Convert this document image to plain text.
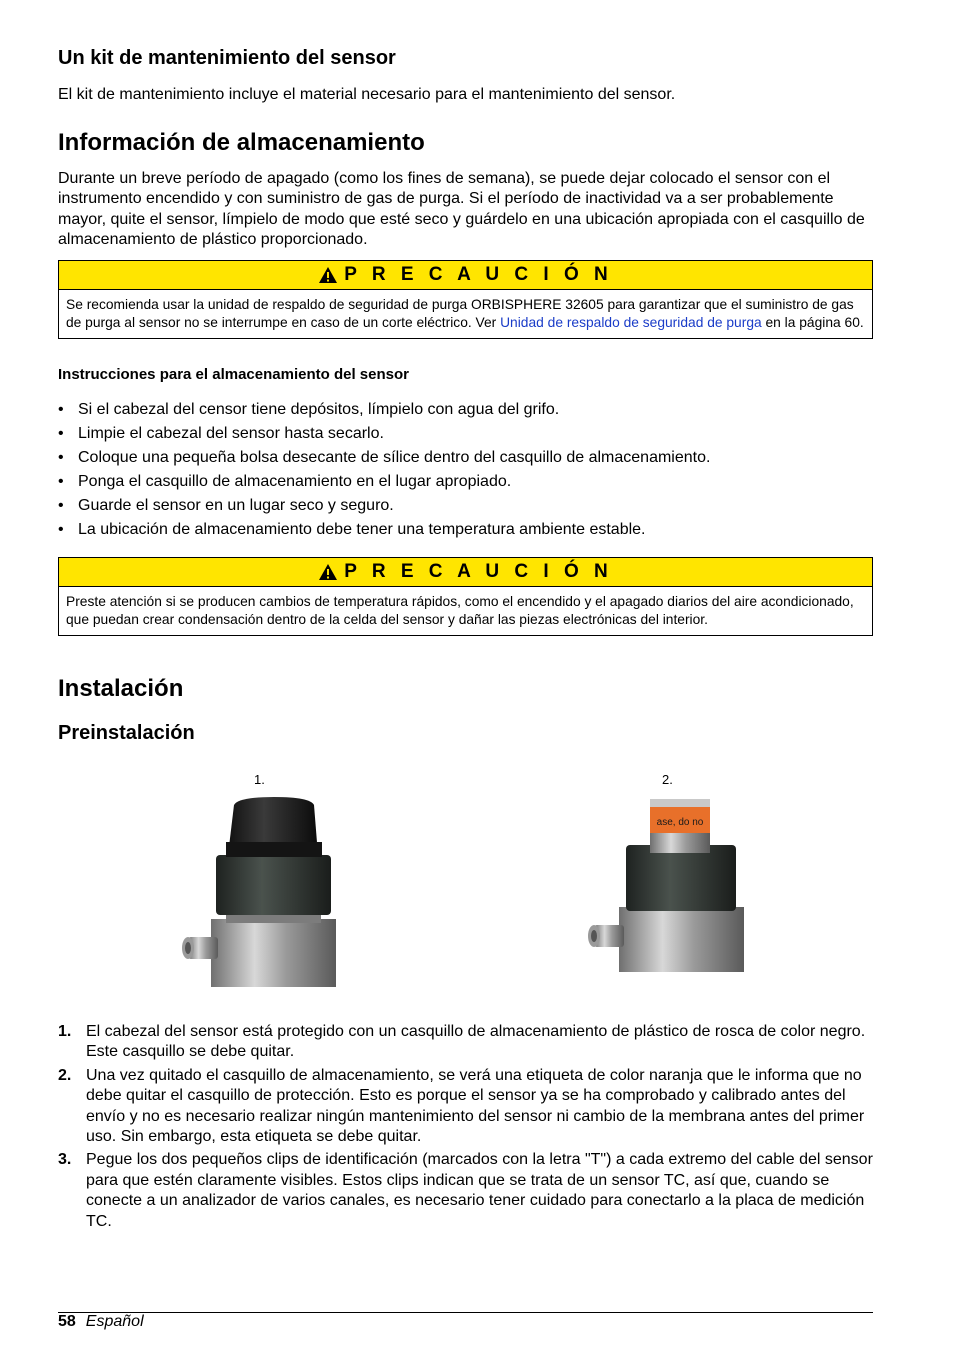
Un kit de mantenimiento del sensor

El kit de mantenimiento incluye el material necesario para el mantenimiento del sensor.

Información de almacenamiento

Durante un breve período de apagado (como los fines de semana), se puede dejar colocado el sensor con el instrumento encendido y con suministro de gas de purga. Si el período de inactividad va a ser probablemente mayor, quite el sensor, límpielo de modo que esté seco y guárdelo en una ubicación apropiada con el casquillo de almacenamiento de plástico proporcionado.

P R E C A U C I Ó N
Se recomienda usar la unidad de respaldo de seguridad de purga ORBISPHERE 32605 para garantizar que el suministro de gas de purga al sensor no se interrumpe en caso de un corte eléctrico. Ver Unidad de respaldo de seguridad de purga en la página 60.
Instrucciones para el almacenamiento del sensor
• Si el cabezal del censor tiene depósitos, límpielo con agua del grifo.
• Limpie el cabezal del sensor hasta secarlo.
• Coloque una pequeña bolsa desecante de sílice dentro del casquillo de almacenamiento.
• Ponga el casquillo de almacenamiento en el lugar apropiado.
• Guarde el sensor en un lugar seco y seguro.
• La ubicación de almacenamiento debe tener una temperatura ambiente estable.
P R E C A U C I Ó N
Preste atención si se producen cambios de temperatura rápidos, como el encendido y el apagado diarios del aire acondicionado, que puedan crear condensación dentro de la celda del sensor y dañar las piezas electrónicas del interior.
Instalación
Preinstalación
1. El cabezal del sensor está protegido con un casquillo de almacenamiento de plástico de rosca de color negro. Este casquillo se debe quitar.
2. Una vez quitado el casquillo de almacenamiento, se verá una etiqueta de color naranja que le informa que no debe quitar el casquillo de protección. Esto es porque el sensor ya se ha comprobado y calibrado antes del envío y no es necesario realizar ningún mantenimiento del sensor ni cambio de la membrana antes del primer uso. Sin embargo, esta etiqueta se debe quitar.
3. Pegue los dos pequeños clips de identificación (marcados con la letra "T") a cada extremo del cable del sensor para que estén claramente visibles. Estos clips indican que se trata de un sensor TC, así que, cuando se conecte a un analizador de varios canales, es necesario tener cuidado para conectarlo a la placa de medición TC.
1.	2.
ase, do no
58 Español
